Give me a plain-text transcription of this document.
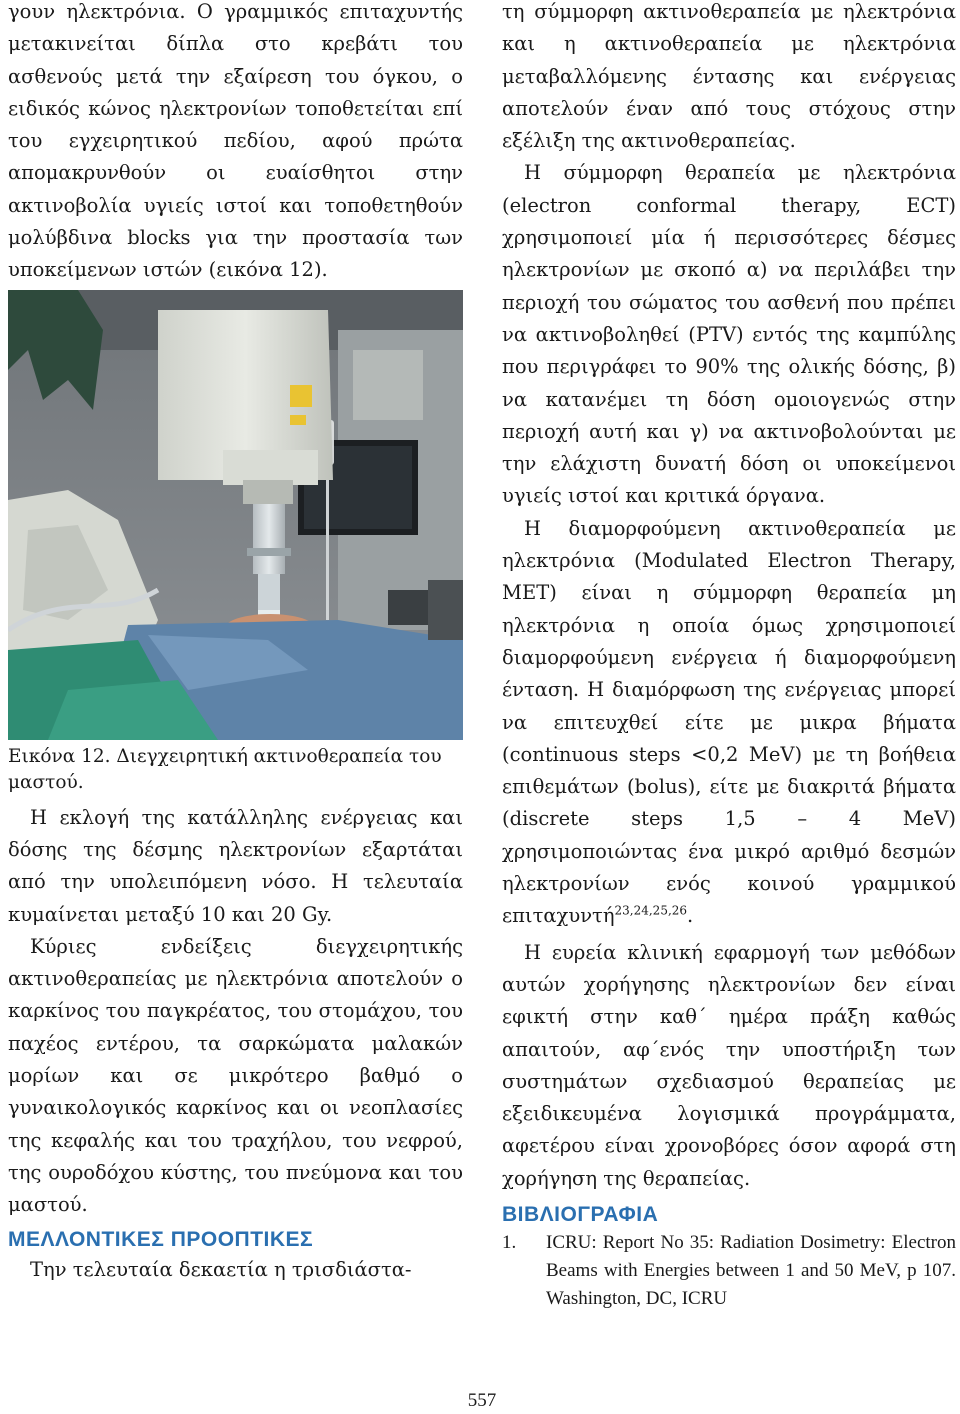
γουν ηλεκτρόνια. Ο γραμμικός επιταχυντής μετακινείται δίπλα στο κρεβάτι του ασθενούς μετά την εξαίρεση του όγκου, ο ειδικός κώνος ηλεκτρονίων τοποθετείται επί του εγχειρητικού πεδίου, αφού πρώτα απομακρυνθούν οι ευαίσθητοι στην ακτινοβολία υγιείς ιστοί και τοποθετηθούν μολύβδινα blocks για την προστασία των υποκείμενων ιστών (εικόνα 12).

Εικόνα 12. Διεγχειρητική ακτινοθεραπεία του μαστού.

Η εκλογή της κατάλληλης ενέργειας και δόσης της δέσμης ηλεκτρονίων εξαρτάται από την υπολειπόμενη νόσο. Η τελευταία κυμαίνεται μεταξύ 10 και 20 Gy.

Κύριες ενδείξεις διεγχειρητικής ακτινοθεραπείας με ηλεκτρόνια αποτελούν ο καρκίνος του παγκρέατος, του στομάχου, του παχέος εντέρου, τα σαρκώματα μαλακών μορίων και σε μικρότερο βαθμό ο γυναικολογικός καρκίνος και οι νεοπλασίες της κεφαλής και του τραχήλου, του νεφρού, της ουροδόχου κύστης, του πνεύμονα και του μαστού.

ΜΕΛΛΟΝΤΙΚΕΣ ΠΡΟΟΠΤΙΚΕΣ

Την τελευταία δεκαετία η τρισδιάστα-

τη σύμμορφη ακτινοθεραπεία με ηλεκτρόνια και η ακτινοθεραπεία με ηλεκτρόνια μεταβαλλόμενης έντασης και ενέργειας αποτελούν έναν από τους στόχους στην εξέλιξη της ακτινοθεραπείας.

Η σύμμορφη θεραπεία με ηλεκτρόνια (electron conformal therapy, ECT) χρησιμοποιεί μία ή περισσότερες δέσμες ηλεκτρονίων με σκοπό α) να περιλάβει την περιοχή του σώματος του ασθενή που πρέπει να ακτινοβοληθεί (PTV) εντός της καμπύλης που περιγράφει το 90% της ολικής δόσης, β) να κατανέμει τη δόση ομοιογενώς στην περιοχή αυτή και γ) να ακτινοβολούνται με την ελάχιστη δυνατή δόση οι υποκείμενοι υγιείς ιστοί και κριτικά όργανα.

Η διαμορφούμενη ακτινοθεραπεία με ηλεκτρόνια (Modulated Electron Therapy, MET) είναι η σύμμορφη θεραπεία μη ηλεκτρόνια η οποία όμως χρησιμοποιεί διαμορφούμενη ενέργεια ή διαμορφούμενη ένταση. Η διαμόρφωση της ενέργειας μπορεί να επιτευχθεί είτε με μικρα βήματα (continuous steps <0,2 MeV) με τη βοήθεια επιθεμάτων (bolus), είτε με διακριτά βήματα (discrete steps 1,5 – 4 MeV) χρησιμοποιώντας ένα μικρό αριθμό δεσμών ηλεκτρονίων ενός κοινού γραμμικού επιταχυντή$^{23,24,25,26}$.

Η ευρεία κλινική εφαρμογή των μεθόδων αυτών χορήγησης ηλεκτρονίων δεν είναι εφικτή στην καθ΄ ημέρα πράξη καθώς απαιτούν, αφ΄ενός την υποστήριξη των συστημάτων σχεδιασμού θεραπείας με εξειδικευμένα λογισμικά προγράμματα, αφετέρου είναι χρονοβόρες όσον αφορά στη χορήγηση της θεραπείας.

ΒΙΒΛΙΟΓΡΑΦΙΑ
1.	ICRU: Report No 35: Radiation Dosimetry: Electron Beams with Energies between 1 and 50 MeV, p 107. Washington, DC, ICRU
557
